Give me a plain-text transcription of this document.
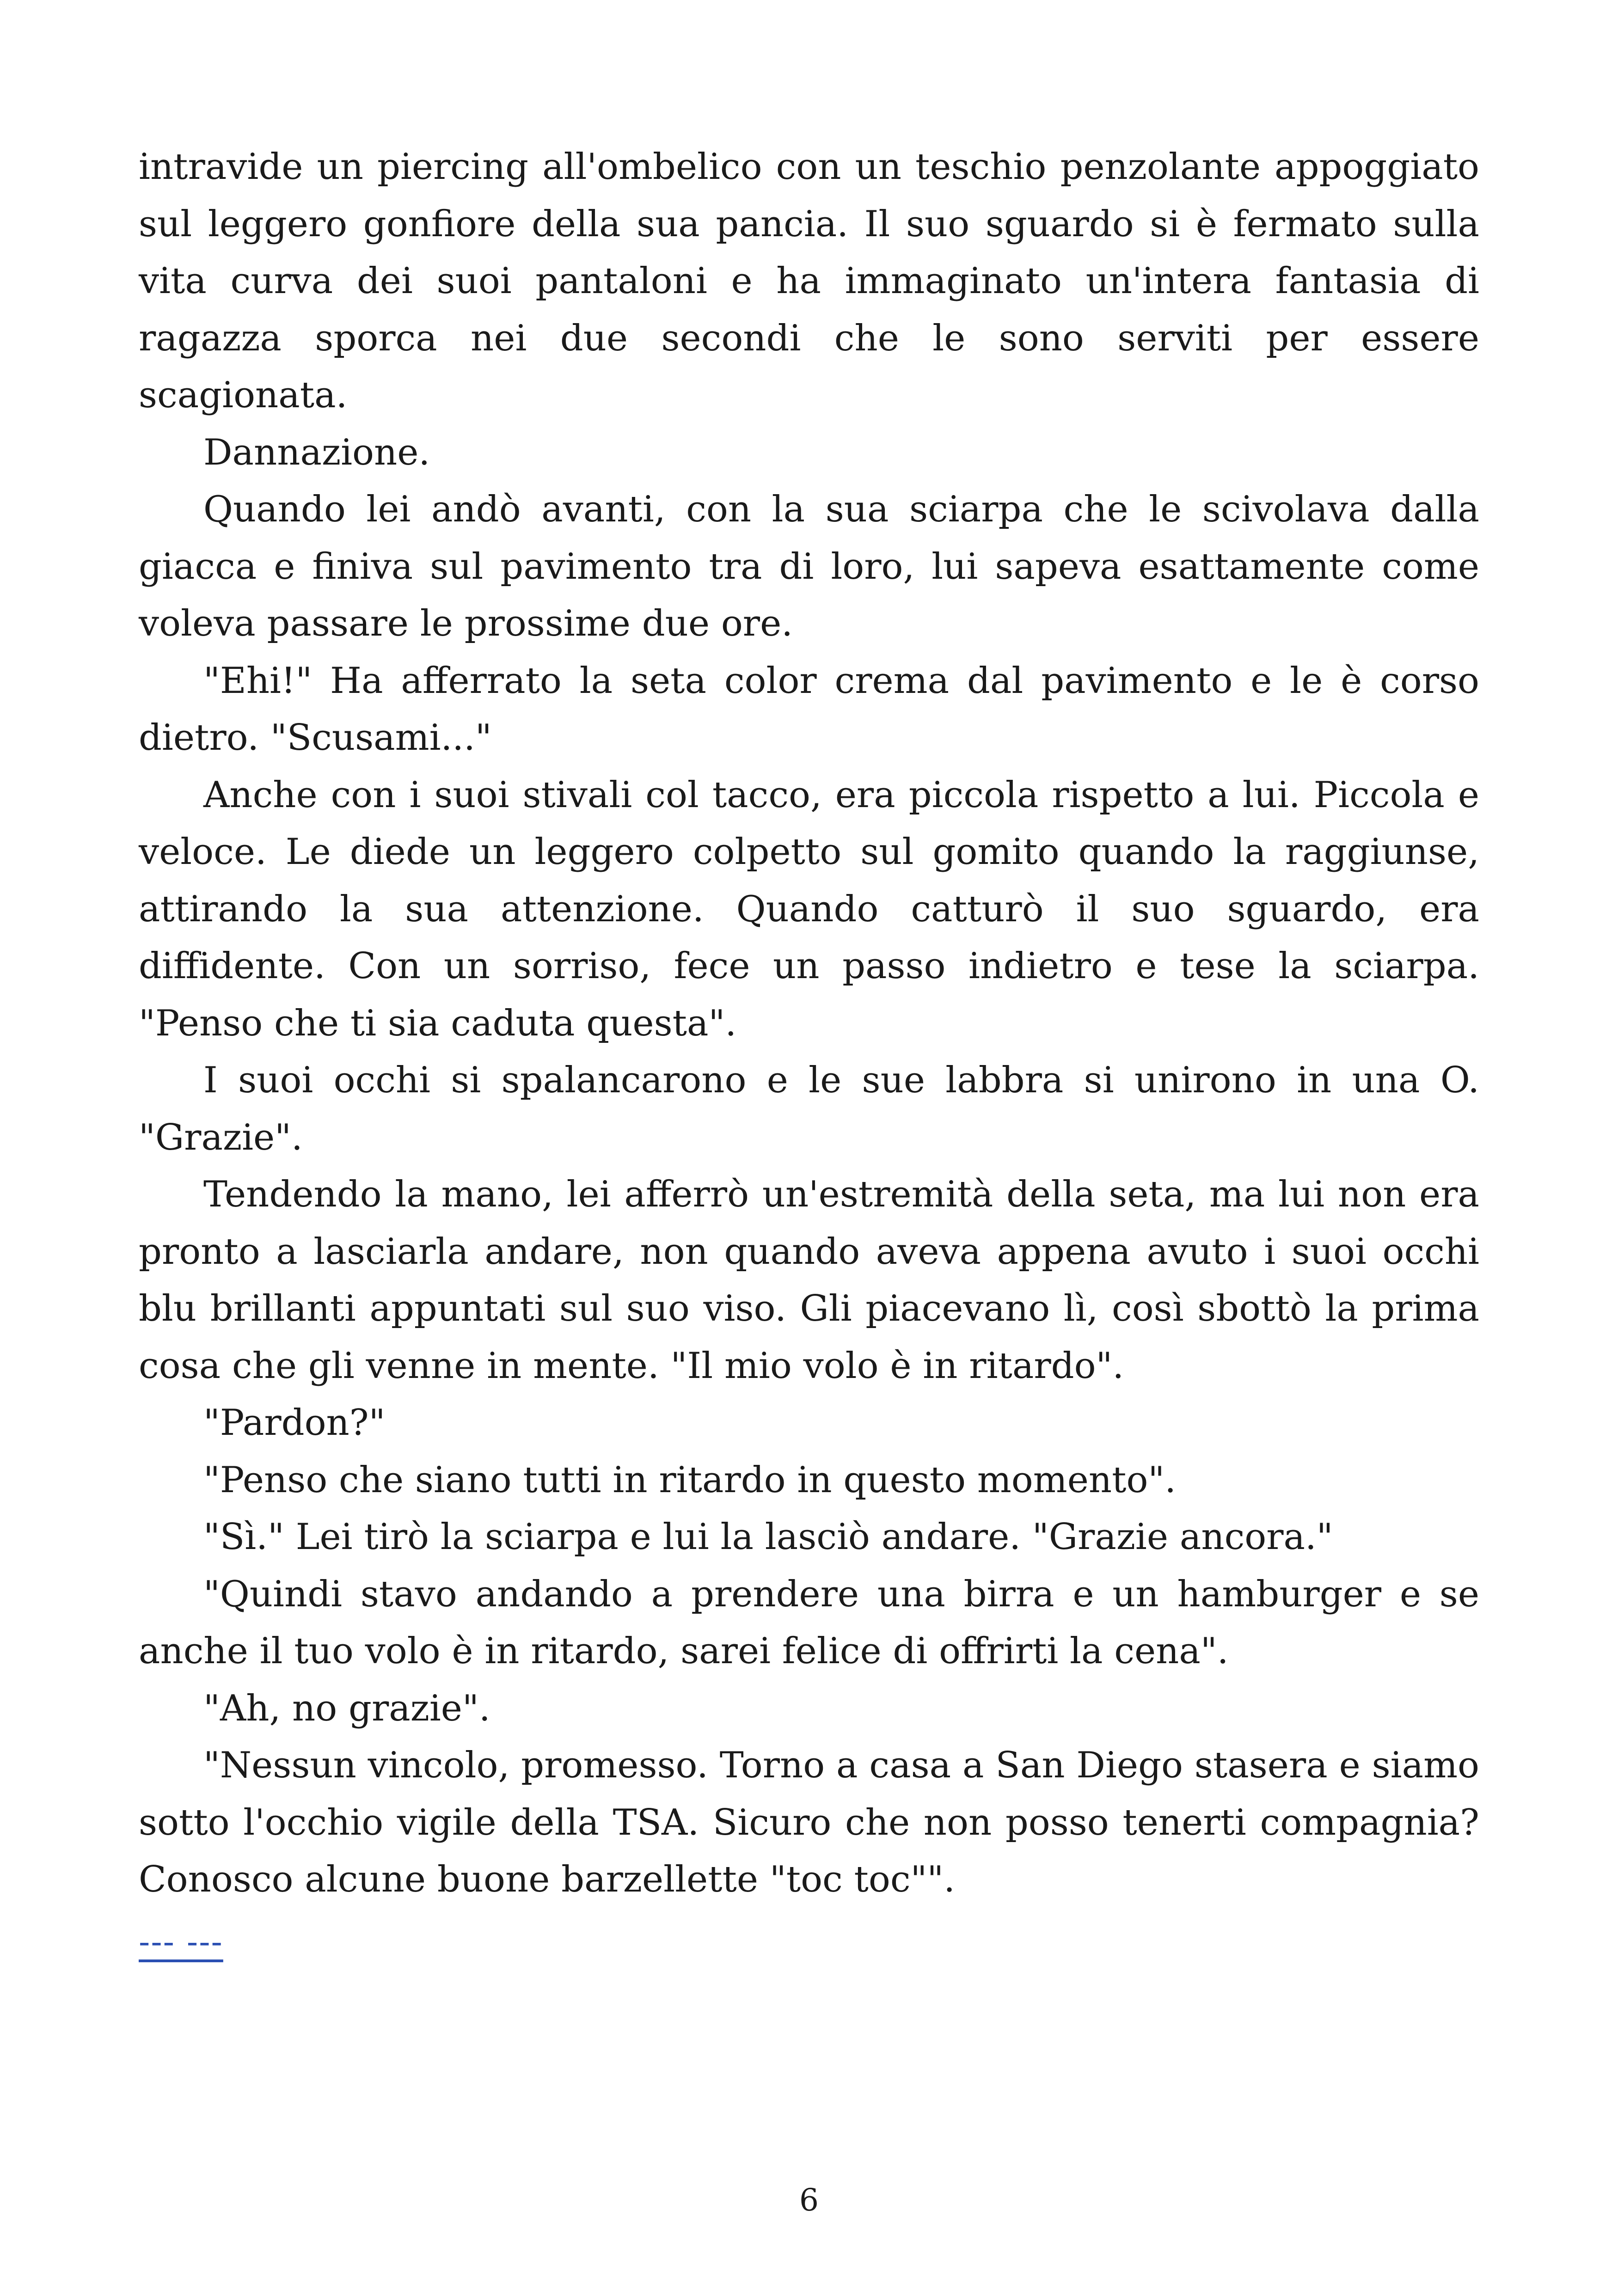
intravide un piercing all'ombelico con un teschio penzolante appoggiato sul leggero gonfiore della sua pancia. Il suo sguardo si è fermato sulla vita curva dei suoi pantaloni e ha immaginato un'intera fantasia di ragazza sporca nei due secondi che le sono serviti per essere scagionata.

Dannazione.

Quando lei andò avanti, con la sua sciarpa che le scivolava dalla giacca e finiva sul pavimento tra di loro, lui sapeva esattamente come voleva passare le prossime due ore.

"Ehi!" Ha afferrato la seta color crema dal pavimento e le è corso dietro. "Scusami..."

Anche con i suoi stivali col tacco, era piccola rispetto a lui. Piccola e veloce. Le diede un leggero colpetto sul gomito quando la raggiunse, attirando la sua attenzione. Quando catturò il suo sguardo, era diffidente. Con un sorriso, fece un passo indietro e tese la sciarpa. "Penso che ti sia caduta questa".

I suoi occhi si spalancarono e le sue labbra si unirono in una O. "Grazie".

Tendendo la mano, lei afferrò un'estremità della seta, ma lui non era pronto a lasciarla andare, non quando aveva appena avuto i suoi occhi blu brillanti appuntati sul suo viso. Gli piacevano lì, così sbottò la prima cosa che gli venne in mente. "Il mio volo è in ritardo".

"Pardon?"

"Penso che siano tutti in ritardo in questo momento".

"Sì." Lei tirò la sciarpa e lui la lasciò andare. "Grazie ancora."

"Quindi stavo andando a prendere una birra e un hamburger e se anche il tuo volo è in ritardo, sarei felice di offrirti la cena".

"Ah, no grazie".

"Nessun vincolo, promesso. Torno a casa a San Diego stasera e siamo sotto l'occhio vigile della TSA. Sicuro che non posso tenerti compagnia? Conosco alcune buone barzellette "toc toc"".

--- ---
6
